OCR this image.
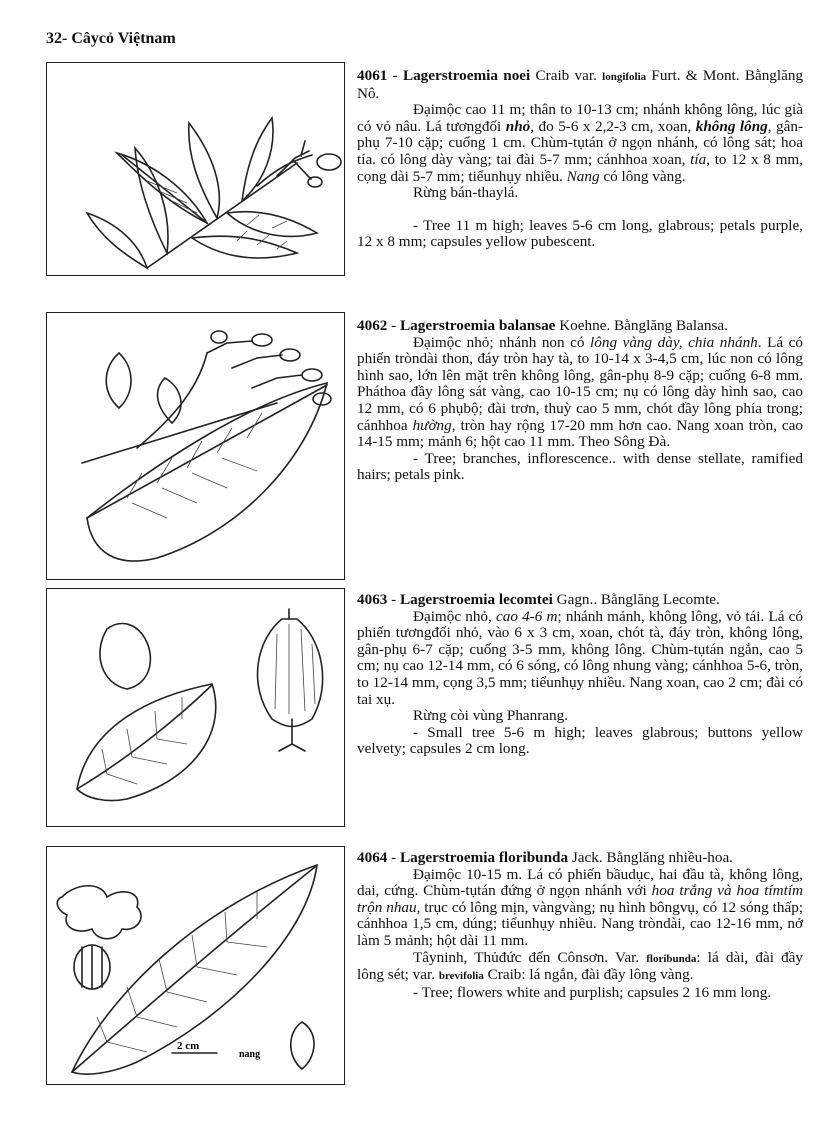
32- Câycỏ Việtnam
2 cm
nang

4061 - Lagerstroemia noei Craib var. longifolia Furt. & Mont. Bằnglăng Nô.

Đạimộc cao 11 m; thân to 10-13 cm; nhánh không lông, lúc già có vỏ nâu. Lá tươngđối nhỏ, đo 5-6 x 2,2-3 cm, xoan, không lông, gân-phụ 7-10 cặp; cuống 1 cm. Chùm-tụtán ở ngọn nhánh, có lông sát; hoa tía. có lông dày vàng; tai đài 5-7 mm; cánhhoa xoan, tía, to 12 x 8 mm, cọng dài 5-7 mm; tiểunhụy nhiều. Nang có lông vàng.

Rừng bán-thaylá.

- Tree 11 m high; leaves 5-6 cm long, glabrous; petals purple, 12 x 8 mm; capsules yellow pubescent.

4062 - Lagerstroemia balansae Koehne. Bằnglăng Balansa.

Đạimộc nhỏ; nhánh non có lông vàng dày, chia nhánh. Lá có phiến tròndài thon, đáy tròn hay tà, to 10-14 x 3-4,5 cm, lúc non có lông hình sao, lớn lên mặt trên không lông, gân-phụ 8-9 cặp; cuống 6-8 mm. Pháthoa đầy lông sát vàng, cao 10-15 cm; nụ có lông dày hình sao, cao 12 mm, có 6 phụbộ; đài trơn, thuỳ cao 5 mm, chót đầy lông phía trong; cánhhoa hường, tròn hay rộng 17-20 mm hơn cao. Nang xoan tròn, cao 14-15 mm; mảnh 6; hột cao 11 mm. Theo Sông Đà.

- Tree; branches, inflorescence.. with dense stellate, ramified hairs; petals pink.

4063 - Lagerstroemia lecomtei Gagn.. Bằnglăng Lecomte.

Đạimộc nhỏ, cao 4-6 m; nhánh mảnh, không lông, vỏ tái. Lá có phiến tươngđối nhỏ, vào 6 x 3 cm, xoan, chót tà, đáy tròn, không lông, gân-phụ 6-7 cặp; cuống 3-5 mm, không lông. Chùm-tụtán ngắn, cao 5 cm; nụ cao 12-14 mm, có 6 sóng, có lông nhung vàng; cánhhoa 5-6, tròn, to 12-14 mm, cọng 3,5 mm; tiểunhụy nhiều. Nang xoan, cao 2 cm; đài có tai xụ.

Rừng còi vùng Phanrang.

- Small tree 5-6 m high; leaves glabrous; buttons yellow velvety; capsules 2 cm long.

4064 - Lagerstroemia floribunda Jack. Bằnglăng nhiều-hoa.

Đạimộc 10-15 m. Lá có phiến bầudục, hai đầu tà, không lông, dai, cứng. Chùm-tụtán đứng ở ngọn nhánh với hoa trắng và hoa tímtím trộn nhau, trục có lông mịn, vàngvàng; nụ hình bôngvụ, có 12 sóng thấp; cánhhoa 1,5 cm, dúng; tiểunhụy nhiều. Nang tròndài, cao 12-16 mm, nở làm 5 mảnh; hột dài 11 mm.

Tâyninh, Thủđức đến Cônsơn. Var. floribunda: lá dài, đài đầy lông sét; var. brevifolia Craib: lá ngắn, đài đầy lông vàng.

- Tree; flowers white and purplish; capsules 2 16 mm long.
